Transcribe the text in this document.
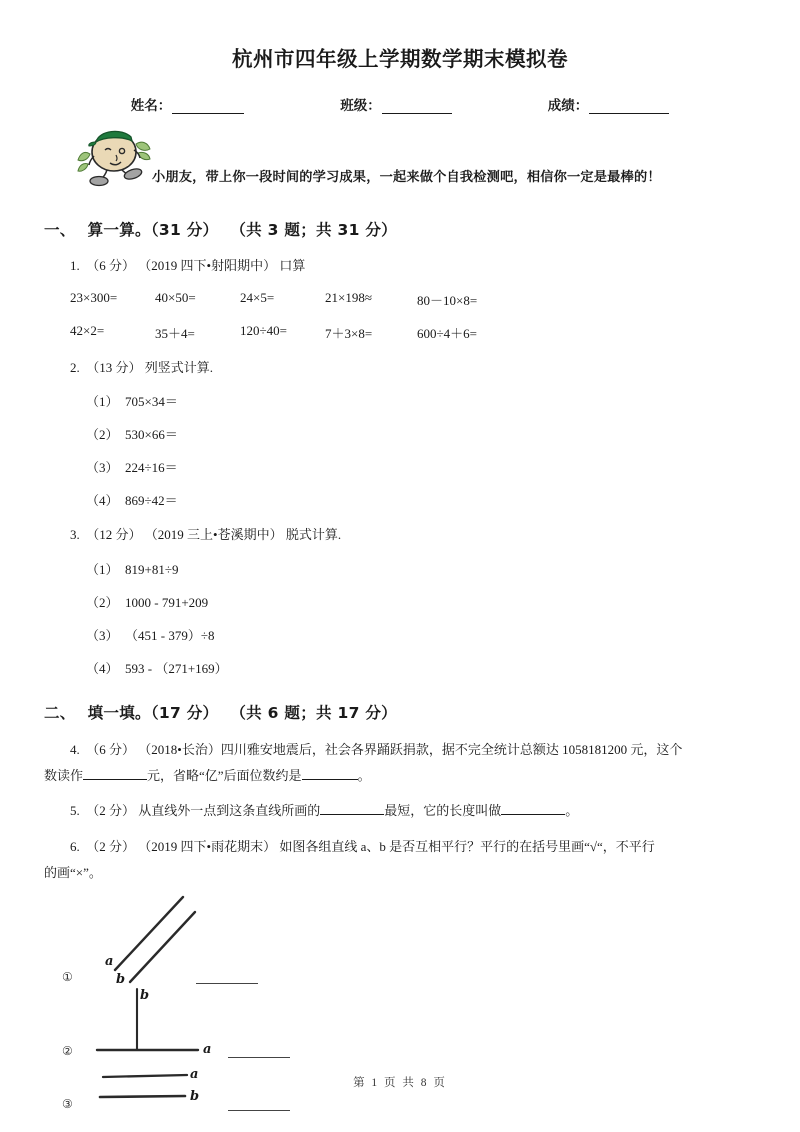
杭州市四年级上学期数学期末模拟卷
姓名：	班级：	成绩：
小朋友，带上你一段时间的学习成果，一起来做个自我检测吧，相信你一定是最棒的！
一、 算一算。（31 分） （共 3 题；共 31 分）
1. （6 分） （2019 四下•射阳期中） 口算
23×300=	40×50=	24×5=	21×198≈	80－10×8=
42×2=	35＋4=	120÷40=	7＋3×8=	600÷4＋6=
2. （13 分） 列竖式计算.
（1） 705×34＝
（2） 530×66＝
（3） 224÷16＝
（4） 869÷42＝
3. （12 分） （2019 三上•苍溪期中） 脱式计算.
（1） 819+81÷9
（2） 1000 - 791+209
（3） （451 - 379）÷8
（4） 593 - （271+169）
二、 填一填。（17 分） （共 6 题；共 17 分）
4. （6 分） （2018•长治）四川雅安地震后，社会各界踊跃捐款，据不完全统计总额达 1058181200 元，这个
数读作	元，省略“亿”后面位数约是	。
5. （2 分） 从直线外一点到这条直线所画的	最短，它的长度叫做	。
6. （2 分） （2019 四下•雨花期末） 如图各组直线 a、b 是否互相平行？平行的在括号里画“√“，不平行
的画“×”。
①
a
b
②
b
a
③
a
b
第 1 页 共 8 页
